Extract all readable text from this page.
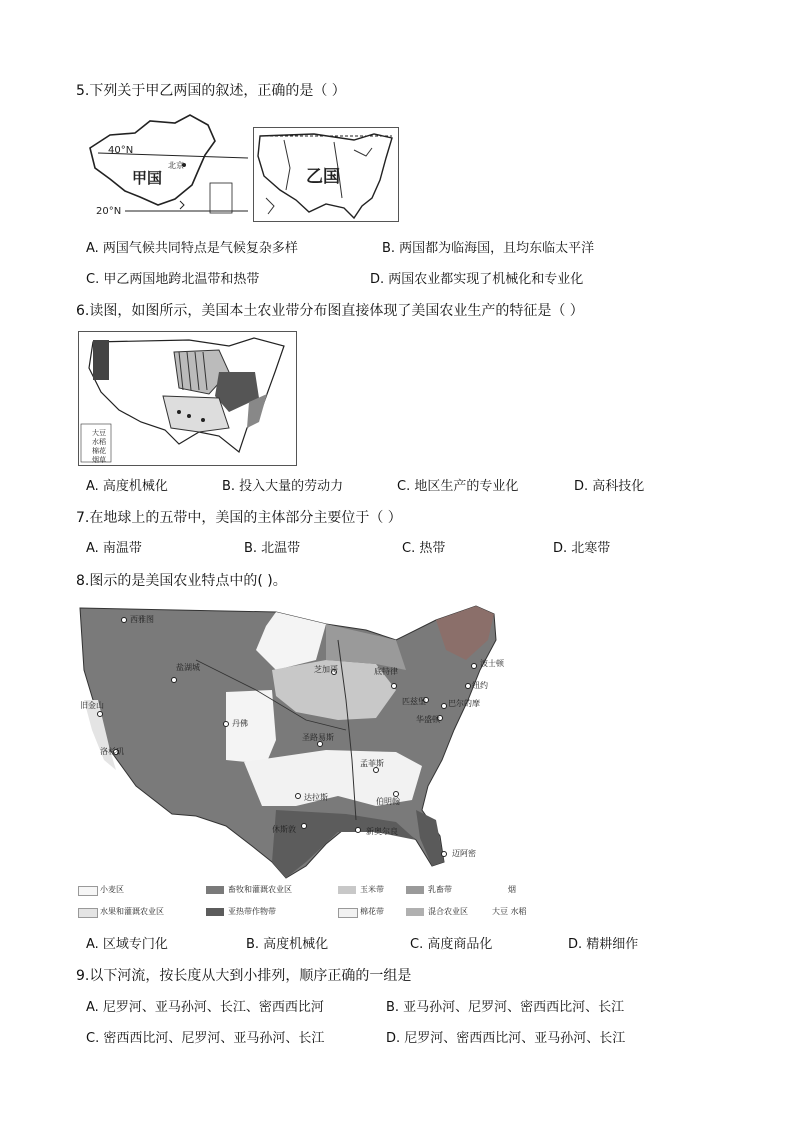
5.下列关于甲乙两国的叙述，正确的是（ ）
40°N
北京
甲国
20°N
乙国
A. 两国气候共同特点是气候复杂多样	B. 两国都为临海国，且均东临太平洋
C. 甲乙两国地跨北温带和热带	D. 两国农业都实现了机械化和专业化
6.读图，如图所示，美国本土农业带分布图直接体现了美国农业生产的特征是（ ）
大豆
水稻
棉花
烟草
A. 高度机械化	B. 投入大量的劳动力	C. 地区生产的专业化	D. 高科技化
7.在地球上的五带中，美国的主体部分主要位于（ ）
A. 南温带	B. 北温带	C. 热带	D. 北寒带
8.图示的是美国农业特点中的( )。
西雅图
盐湖城
旧金山
洛杉矶
丹佛
芝加哥	底特律
波士顿
纽约
匹兹堡	巴尔的摩
华盛顿
圣路易斯
孟菲斯
达拉斯	伯明翰
休斯敦	新奥尔良
迈阿密
小麦区	畜牧和灌溉农业区	玉米带	乳畜带	烟
水果和灌溉农业区	亚热带作物带	棉花带	混合农业区	大豆 水稻
A. 区域专门化	B. 高度机械化	C. 高度商品化	D. 精耕细作
9.以下河流，按长度从大到小排列，顺序正确的一组是
A. 尼罗河、亚马孙河、长江、密西西比河	B. 亚马孙河、尼罗河、密西西比河、长江
C. 密西西比河、尼罗河、亚马孙河、长江	D. 尼罗河、密西西比河、亚马孙河、长江
